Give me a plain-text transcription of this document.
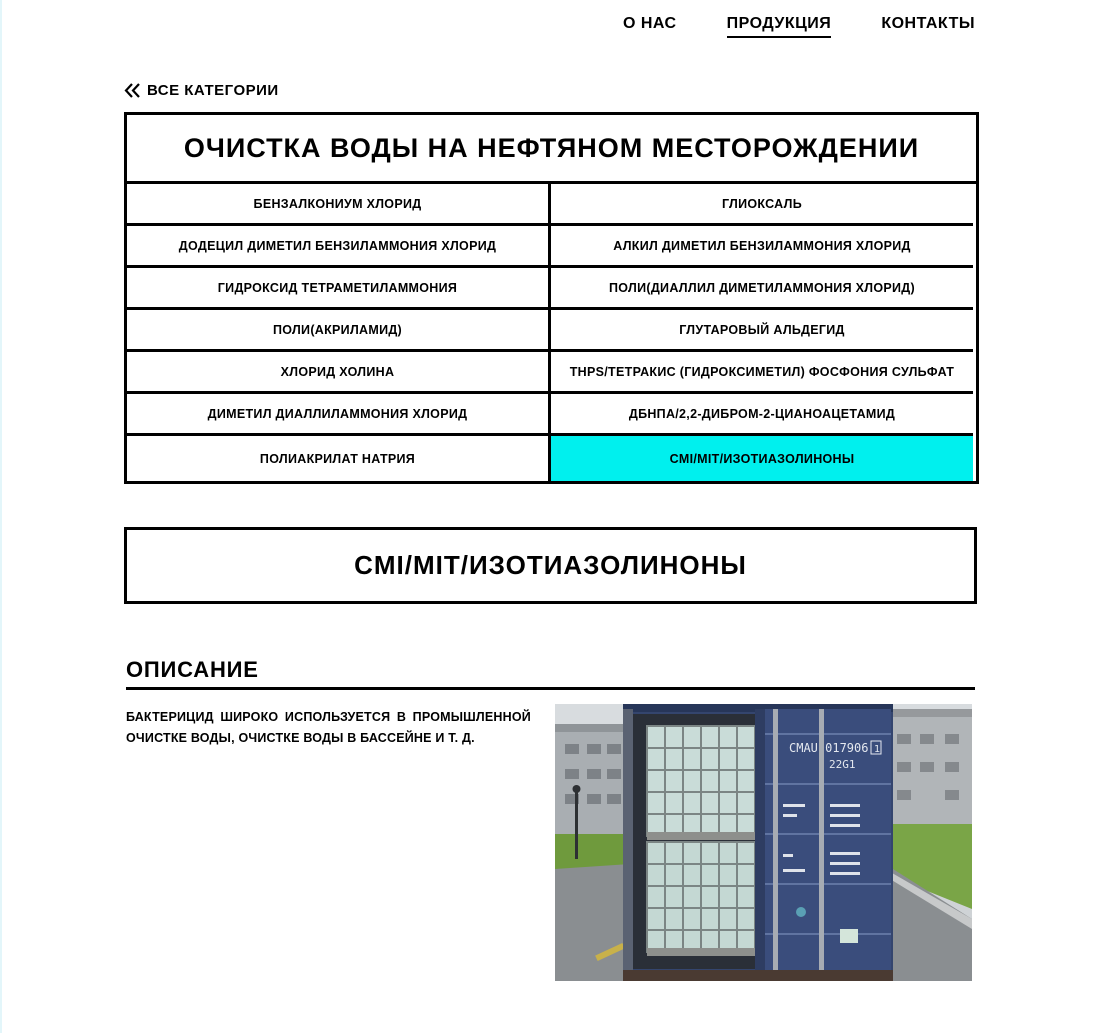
О НАС	ПРОДУКЦИЯ	КОНТАКТЫ
ВСЕ КАТЕГОРИИ
ОЧИСТКА ВОДЫ НА НЕФТЯНОМ МЕСТОРОЖДЕНИИ
БЕНЗАЛКОНИУМ ХЛОРИД	ГЛИОКСАЛЬ
ДОДЕЦИЛ ДИМЕТИЛ БЕНЗИЛАММОНИЯ ХЛОРИД	АЛКИЛ ДИМЕТИЛ БЕНЗИЛАММОНИЯ ХЛОРИД
ГИДРОКСИД ТЕТРАМЕТИЛАММОНИЯ	ПОЛИ(ДИАЛЛИЛ ДИМЕТИЛАММОНИЯ ХЛОРИД)
ПОЛИ(АКРИЛАМИД)	ГЛУТАРОВЫЙ АЛЬДЕГИД
ХЛОРИД ХОЛИНА	THPS/ТЕТРАКИС (ГИДРОКСИМЕТИЛ) ФОСФОНИЯ СУЛЬФАТ
ДИМЕТИЛ ДИАЛЛИЛАММОНИЯ ХЛОРИД	ДБНПА/2,2-ДИБРОМ-2-ЦИАНОАЦЕТАМИД
ПОЛИАКРИЛАТ НАТРИЯ	CMI/MIT/ИЗОТИАЗОЛИНОНЫ
CMI/MIT/ИЗОТИАЗОЛИНОНЫ
ОПИСАНИЕ
БАКТЕРИЦИД ШИРОКО ИСПОЛЬЗУЕТСЯ В ПРОМЫШЛЕННОЙ ОЧИСТКЕ ВОДЫ, ОЧИСТКЕ ВОДЫ В БАССЕЙНЕ И Т. Д.
CMAU 017906 1
22G1
